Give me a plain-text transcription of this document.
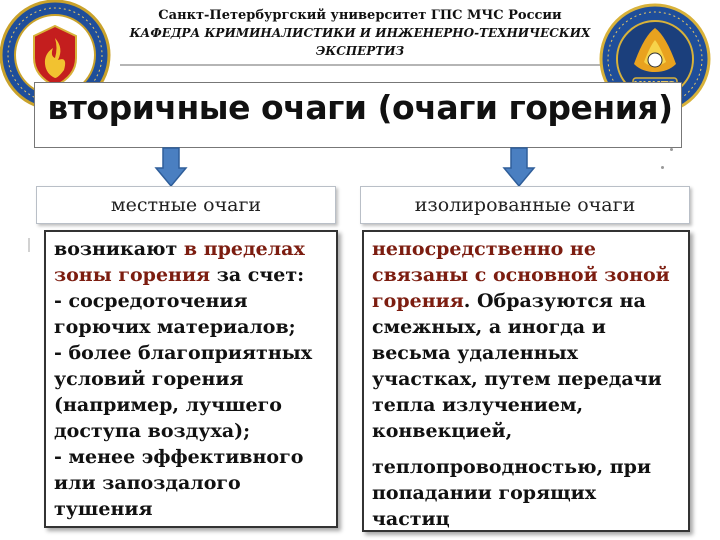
Санкт-Петербургский университет ГПС МЧС России
КАФЕДРА КРИМИНАЛИСТИКИ И ИНЖЕНЕРНО-ТЕХНИЧЕСКИХ
ЭКСПЕРТИЗ
вторичные очаги (очаги горения)
местные очаги	изолированные очаги
возникают в пределах зоны горения за счет:
- сосредоточения горючих материалов;
- более благоприятных условий горения (например, лучшего доступа воздуха);
- менее эффективного или запоздалого тушения
непосредственно не связаны с основной зоной горения. Образуются на смежных, а иногда и весьма удаленных участках, путем передачи тепла излучением, конвекцией,
теплопроводностью, при попадании горящих частиц
